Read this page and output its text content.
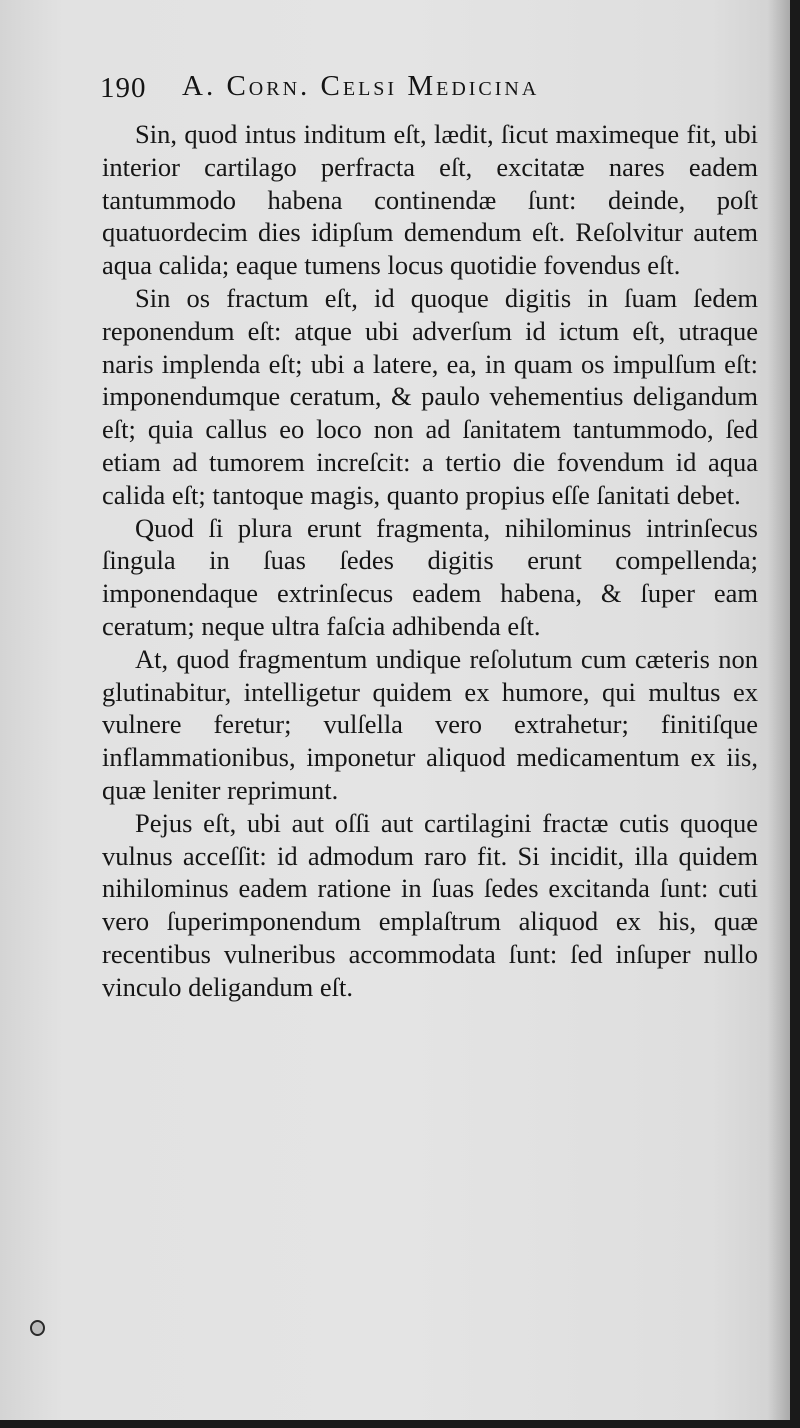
190 A. Corn. Celsi Medicina

Sin, quod intus inditum eſt, lædit, ſicut maximeque fit, ubi interior cartilago perfracta eſt, excitatæ nares eadem tantummodo habena continendæ ſunt: deinde, poſt quatuordecim dies idipſum demendum eſt. Reſolvitur autem aqua calida; eaque tumens locus quotidie fovendus eſt.

Sin os fractum eſt, id quoque digitis in ſuam ſedem reponendum eſt: atque ubi adverſum id ictum eſt, utraque naris implenda eſt; ubi a latere, ea, in quam os impulſum eſt: imponendumque ceratum, & paulo vehementius deligandum eſt; quia callus eo loco non ad ſanitatem tantummodo, ſed etiam ad tumorem increſcit: a tertio die fovendum id aqua calida eſt; tantoque magis, quanto propius eſſe ſanitati debet.

Quod ſi plura erunt fragmenta, nihilominus intrinſecus ſingula in ſuas ſedes digitis erunt compellenda; imponendaque extrinſecus eadem habena, & ſuper eam ceratum; neque ultra faſcia adhibenda eſt.

At, quod fragmentum undique reſolutum cum cæteris non glutinabitur, intelligetur quidem ex humore, qui multus ex vulnere feretur; vulſella vero extrahetur; finitiſque inflammationibus, imponetur aliquod medicamentum ex iis, quæ leniter reprimunt.

Pejus eſt, ubi aut oſſi aut cartilagini fractæ cutis quoque vulnus acceſſit: id admodum raro fit. Si incidit, illa quidem nihilominus eadem ratione in ſuas ſedes excitanda ſunt: cuti vero ſuperimponendum emplaſtrum aliquod ex his, quæ recentibus vulneribus accommodata ſunt: ſed inſuper nullo vinculo deligandum eſt.
